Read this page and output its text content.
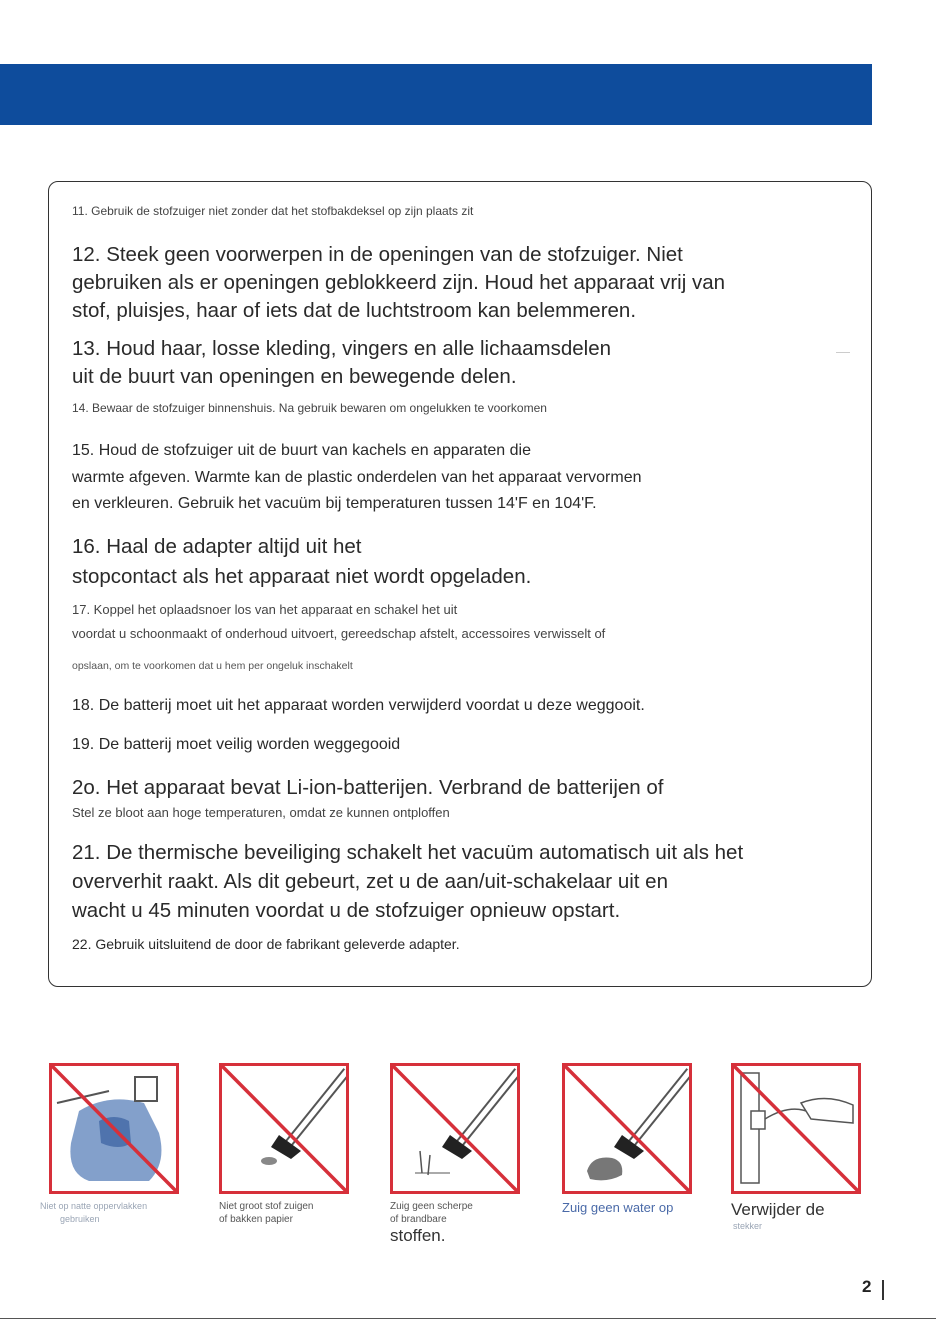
11. Gebruik de stofzuiger niet zonder dat het stofbakdeksel op zijn plaats zit

12. Steek geen voorwerpen in de openingen van de stofzuiger. Niet

gebruiken als er openingen geblokkeerd zijn. Houd het apparaat vrij van

stof, pluisjes, haar of iets dat de luchtstroom kan belemmeren.

13. Houd haar, losse kleding, vingers en alle lichaamsdelen

uit de buurt van openingen en bewegende delen.

14. Bewaar de stofzuiger binnenshuis. Na gebruik bewaren om ongelukken te voorkomen

15. Houd de stofzuiger uit de buurt van kachels en apparaten die

warmte afgeven. Warmte kan de plastic onderdelen van het apparaat vervormen

en verkleuren. Gebruik het vacuüm bij temperaturen tussen 14'F en 104'F.

16. Haal de adapter altijd uit het

stopcontact als het apparaat niet wordt opgeladen.

17. Koppel het oplaadsnoer los van het apparaat en schakel het uit

voordat u schoonmaakt of onderhoud uitvoert, gereedschap afstelt, accessoires verwisselt of

opslaan, om te voorkomen dat u hem per ongeluk inschakelt

18. De batterij moet uit het apparaat worden verwijderd voordat u deze weggooit.

19. De batterij moet veilig worden weggegooid

2o. Het apparaat bevat Li-ion-batterijen. Verbrand de batterijen of

Stel ze bloot aan hoge temperaturen, omdat ze kunnen ontploffen

21. De thermische beveiliging schakelt het vacuüm automatisch uit als het

oververhit raakt. Als dit gebeurt, zet u de aan/uit-schakelaar uit en

wacht u 45 minuten voordat u de stofzuiger opnieuw opstart.

22. Gebruik uitsluitend de door de fabrikant geleverde adapter.

Niet op natte oppervlakken
gebruiken
Niet groot stof zuigen
of bakken papier
Zuig geen scherpe
of brandbare
stoffen.
Zuig geen water op	Verwijder de
stekker
2
